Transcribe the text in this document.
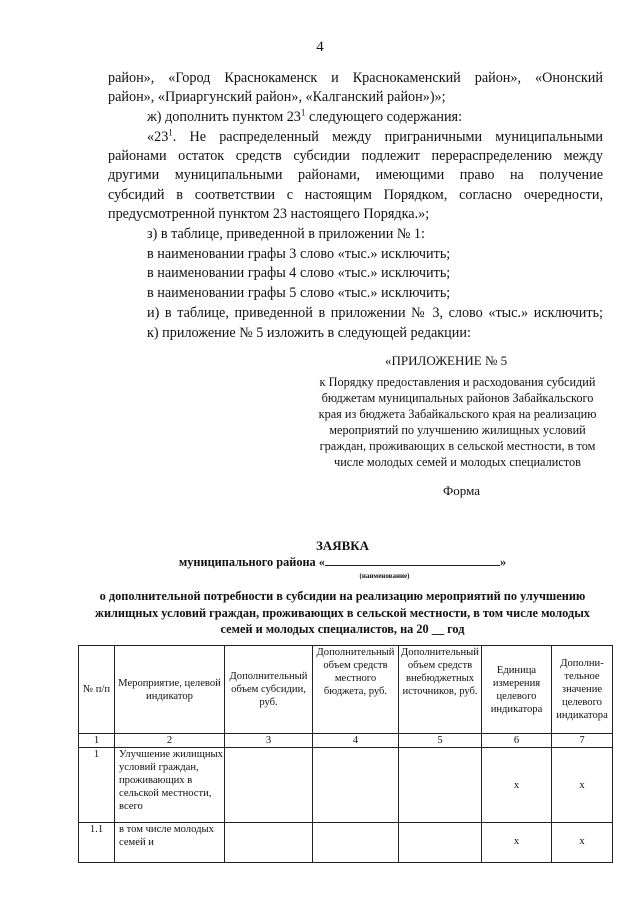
4
район», «Город Краснокаменск и Краснокаменский район», «Ононский
район», «Приаргунский район», «Калганский район»)»;
ж) дополнить пунктом $23^1$ следующего содержания:
«$23^1$. Не распределенный между приграничными муниципальными
районами остаток средств субсидии подлежит перераспределению между
другими муниципальными районами, имеющими право на получение
субсидий в соответствии с настоящим Порядком, согласно очередности,
предусмотренной пунктом 23 настоящего Порядка.»;
з) в таблице, приведенной в приложении № 1:
в наименовании графы 3 слово «тыс.» исключить;
в наименовании графы 4 слово «тыс.» исключить;
в наименовании графы 5 слово «тыс.» исключить;
и) в таблице, приведенной в приложении № 3, слово «тыс.» исключить;
к) приложение № 5 изложить в следующей редакции:
«ПРИЛОЖЕНИЕ № 5
к Порядку предоставления и расходования субсидий
бюджетам муниципальных районов Забайкальского
края из бюджета Забайкальского края на реализацию
мероприятий по улучшению жилищных условий
граждан, проживающих в сельской местности, в том
числе молодых семей и молодых специалистов
Форма
ЗАЯВКА
муниципального района «	»
(наименование)
о дополнительной потребности в субсидии на реализацию мероприятий по улучшению
жилищных условий граждан, проживающих в сельской местности, в том числе молодых
семей и молодых специалистов, на 20 __ год
№ п/п	Мероприятие, целевой индикатор	Дополнительный объем субсидии, руб.	Дополнительный объем средств местного бюджета, руб.	Дополнительный объем средств внебюджетных источников, руб.	Единица измерения целевого индикатора	Дополни-тельное значение целевого индикатора
1	2	3	4	5	6	7
1	Улучшение жилищных условий граждан, проживающих в сельской местности, всего				x	x
1.1	в том числе молодых семей и				x	x
